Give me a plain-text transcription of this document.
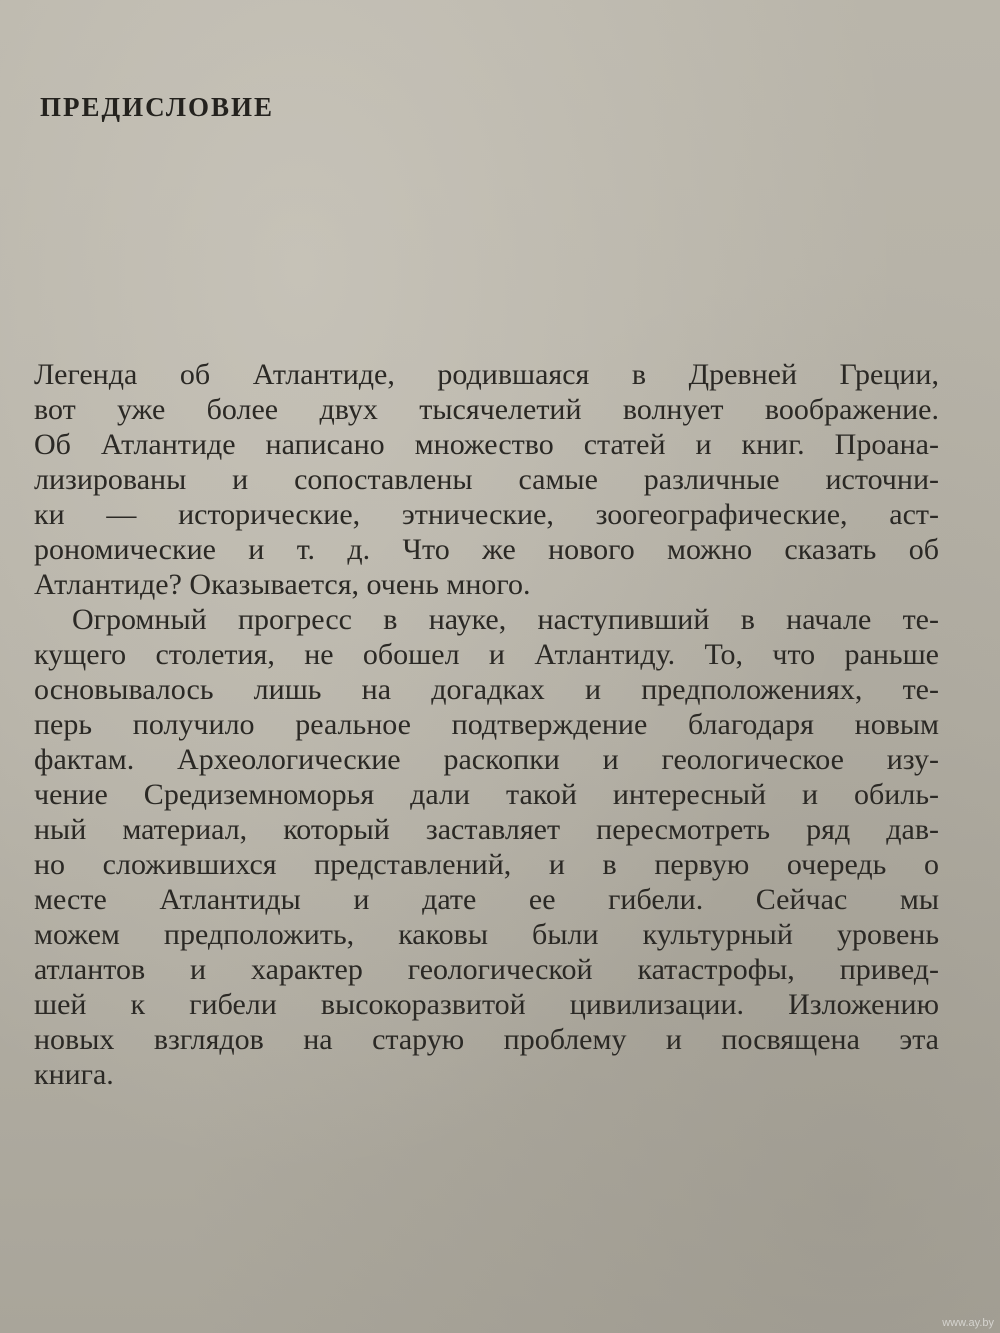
ПРЕДИСЛОВИЕ
Легенда об Атлантиде, родившаяся в Древней Греции,
вот уже более двух тысячелетий волнует воображение.
Об Атлантиде написано множество статей и книг. Проана-
лизированы и сопоставлены самые различные источни-
ки — исторические, этнические, зоогеографические, аст-
рономические и т. д. Что же нового можно сказать об
Атлантиде? Оказывается, очень много.
Огромный прогресс в науке, наступивший в начале те-
кущего столетия, не обошел и Атлантиду. То, что раньше
основывалось лишь на догадках и предположениях, те-
перь получило реальное подтверждение благодаря новым
фактам. Археологические раскопки и геологическое изу-
чение Средиземноморья дали такой интересный и обиль-
ный материал, который заставляет пересмотреть ряд дав-
но сложившихся представлений, и в первую очередь о
месте Атлантиды и дате ее гибели. Сейчас мы
можем предположить, каковы были культурный уровень
атлантов и характер геологической катастрофы, привед-
шей к гибели высокоразвитой цивилизации. Изложению
новых взглядов на старую проблему и посвящена эта
книга.
www.ay.by
